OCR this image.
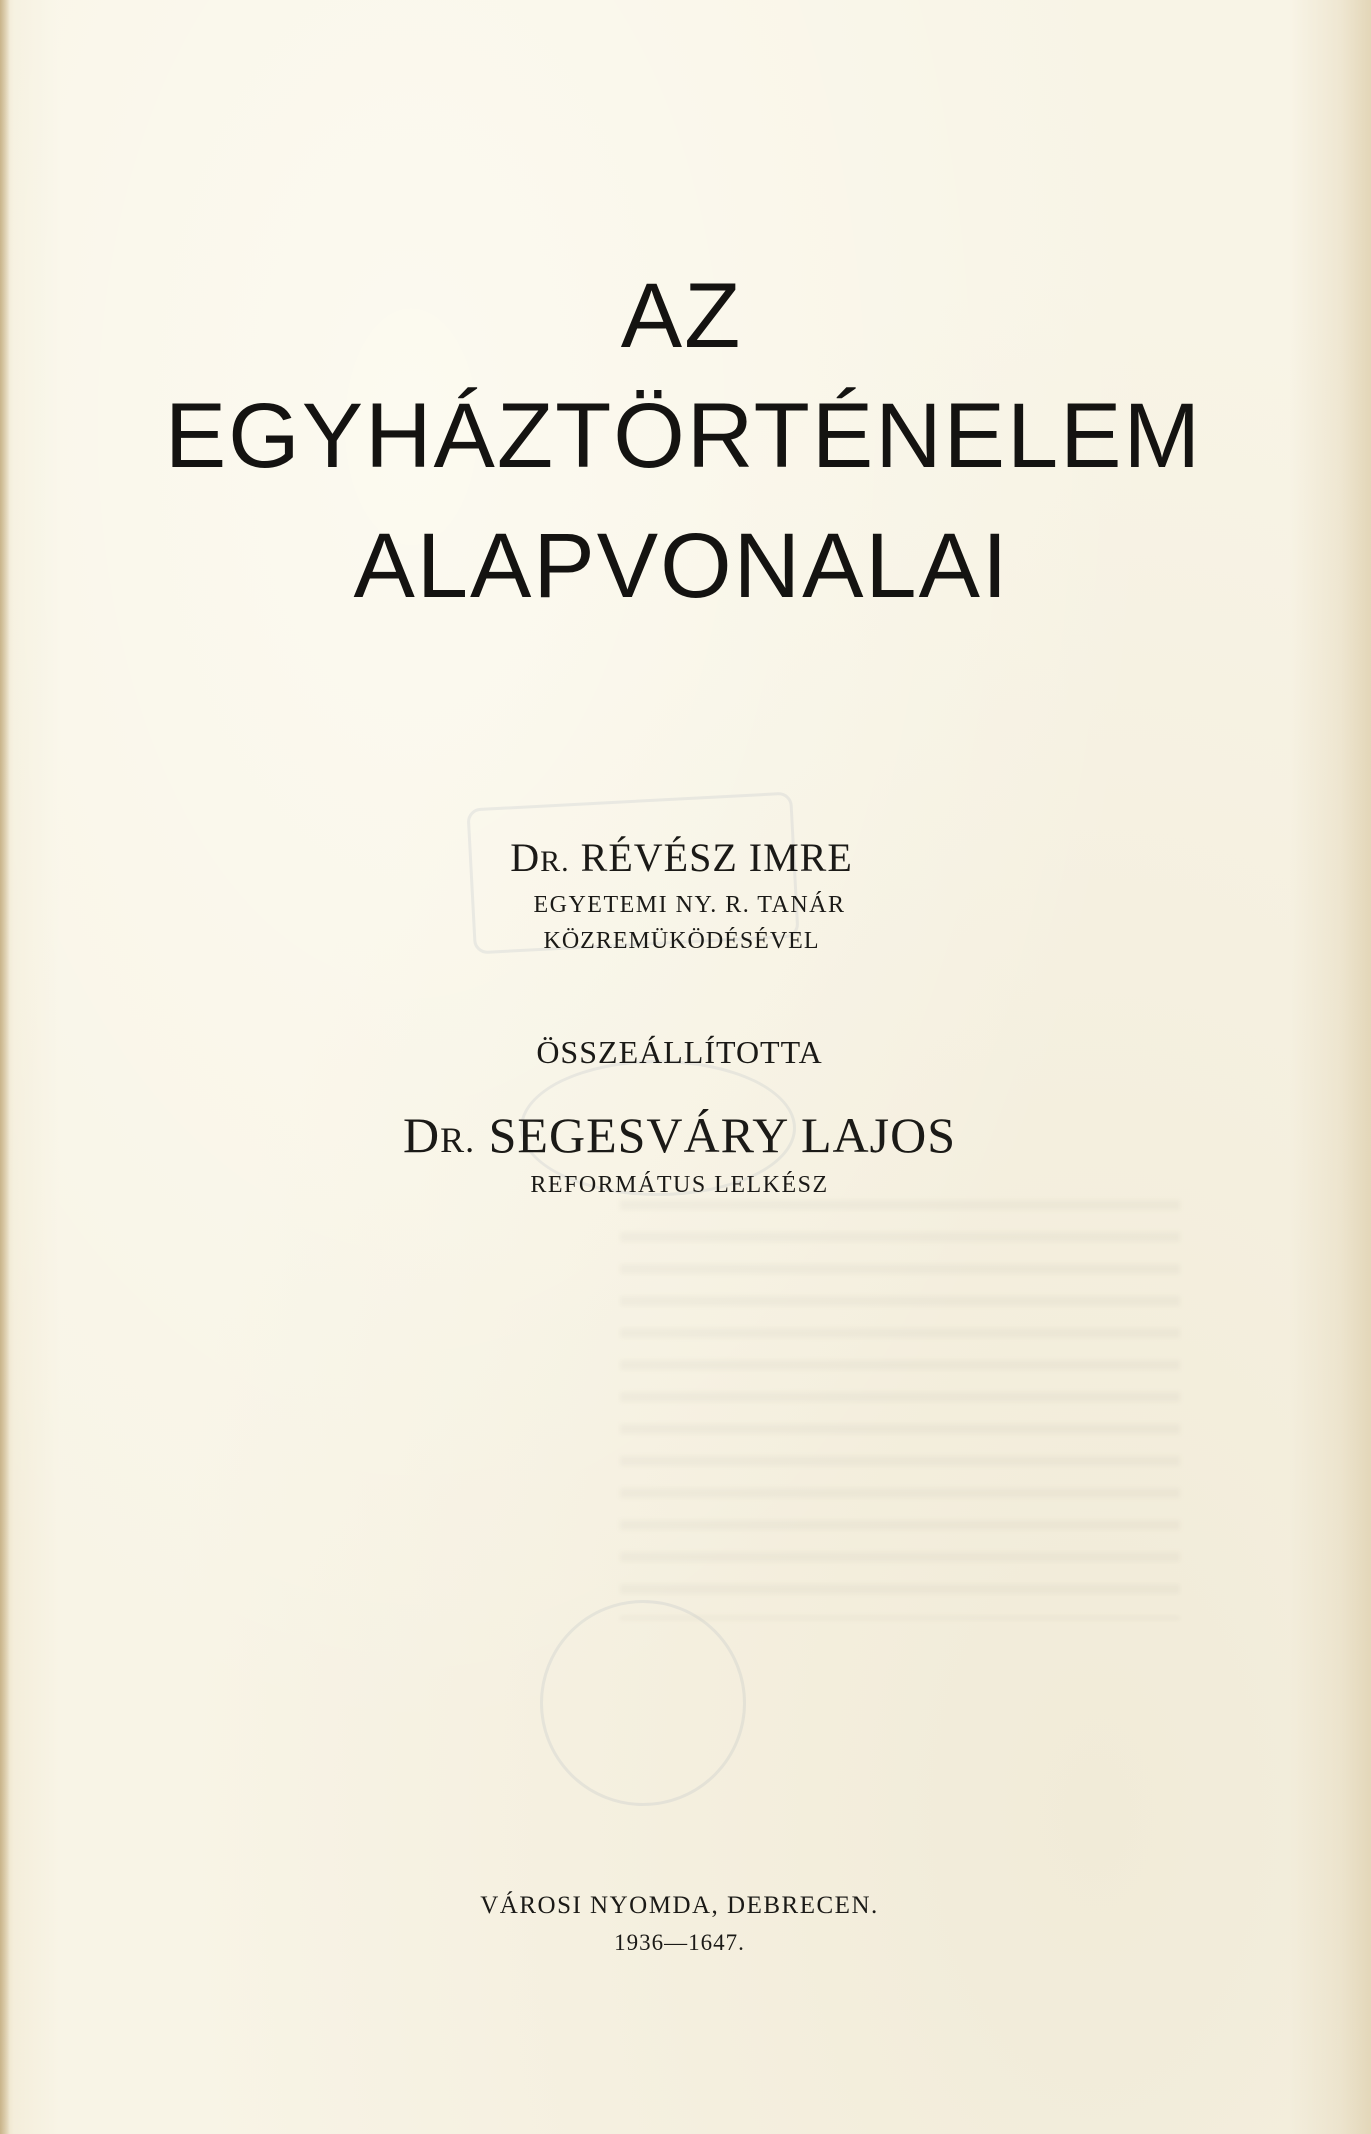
AZ
EGYHÁZTÖRTÉNELEM
ALAPVONALAI
DR. RÉVÉSZ IMRE
EGYETEMI NY. R. TANÁR
KÖZREMÜKÖDÉSÉVEL
ÖSSZEÁLLÍTOTTA
DR. SEGESVÁRY LAJOS
REFORMÁTUS LELKÉSZ
VÁROSI NYOMDA, DEBRECEN.
1936—1647.
